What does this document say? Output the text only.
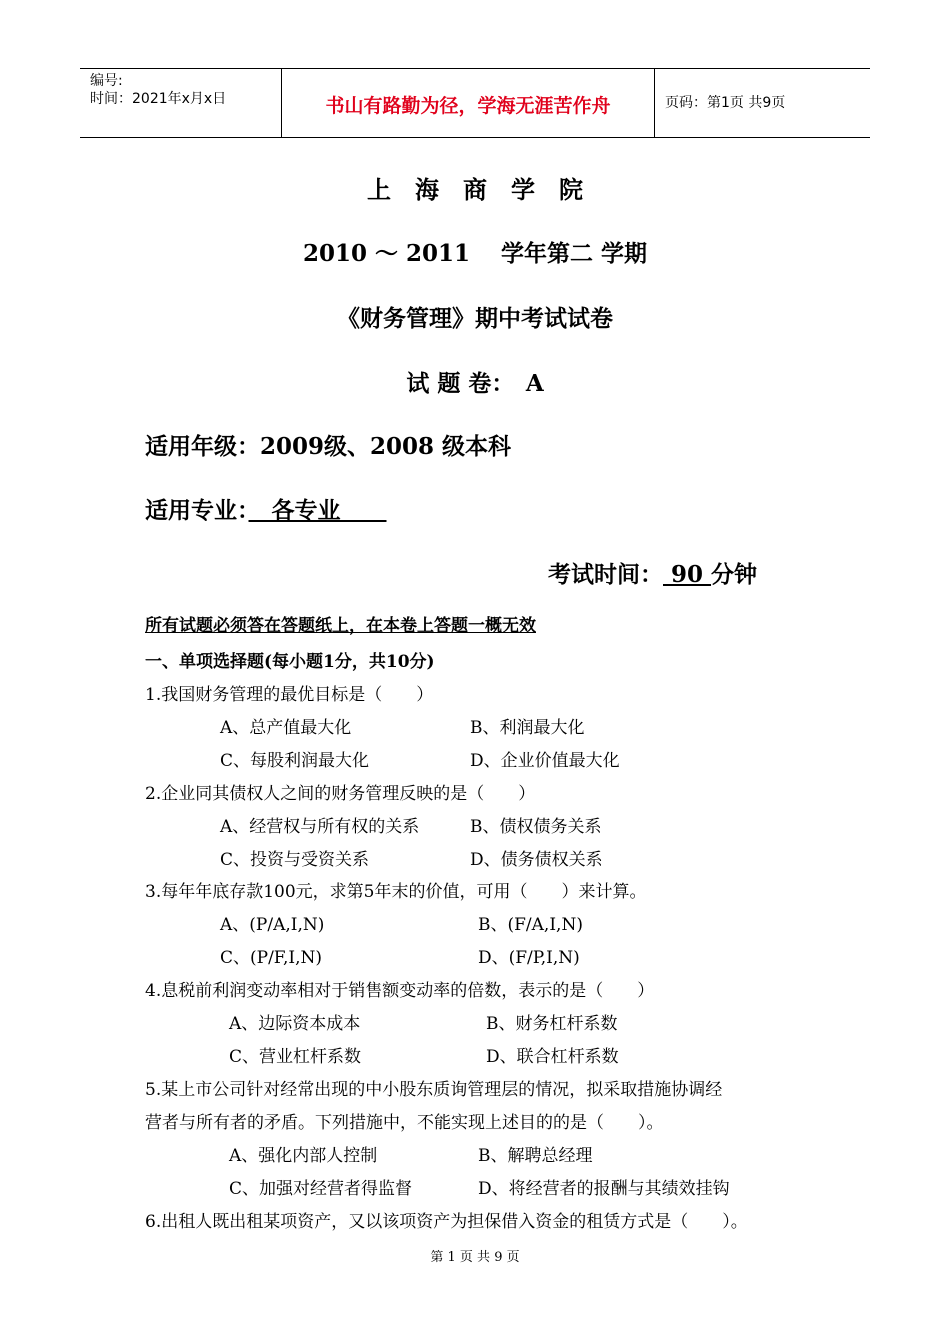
编号:
时间：2021年x月x日	书山有路勤为径，学海无涯苦作舟	页码：第1页 共9页
上　海　商　学　院
2010 ～ 2011　 学年第二 学期
《财务管理》期中考试试卷
试 题 卷：　A
适用年级：2009级、2008 级本科
适用专业：　各专业　　
考试时间： 90 分钟
所有试题必须答在答题纸上，在本卷上答题一概无效
一、单项选择题(每小题1分，共10分)
1.我国财务管理的最优目标是（　　）
A、总产值最大化	B、利润最大化
C、每股利润最大化	D、企业价值最大化
2.企业同其债权人之间的财务管理反映的是（　　）
A、经营权与所有权的关系	B、债权债务关系
C、投资与受资关系	D、债务债权关系
3.每年年底存款100元，求第5年末的价值，可用（　　）来计算。
A、(P/A,I,N)	B、(F/A,I,N)
C、(P/F,I,N)	D、(F/P,I,N)
4.息税前利润变动率相对于销售额变动率的倍数，表示的是（　　）
A、边际资本成本	B、财务杠杆系数
C、营业杠杆系数	D、联合杠杆系数
5.某上市公司针对经常出现的中小股东质询管理层的情况，拟采取措施协调经
营者与所有者的矛盾。下列措施中，不能实现上述目的的是（　　）。
A、强化内部人控制	B、解聘总经理
C、加强对经营者得监督	D、将经营者的报酬与其绩效挂钩
6.出租人既出租某项资产，又以该项资产为担保借入资金的租赁方式是（　　）。
第 1 页 共 9 页
